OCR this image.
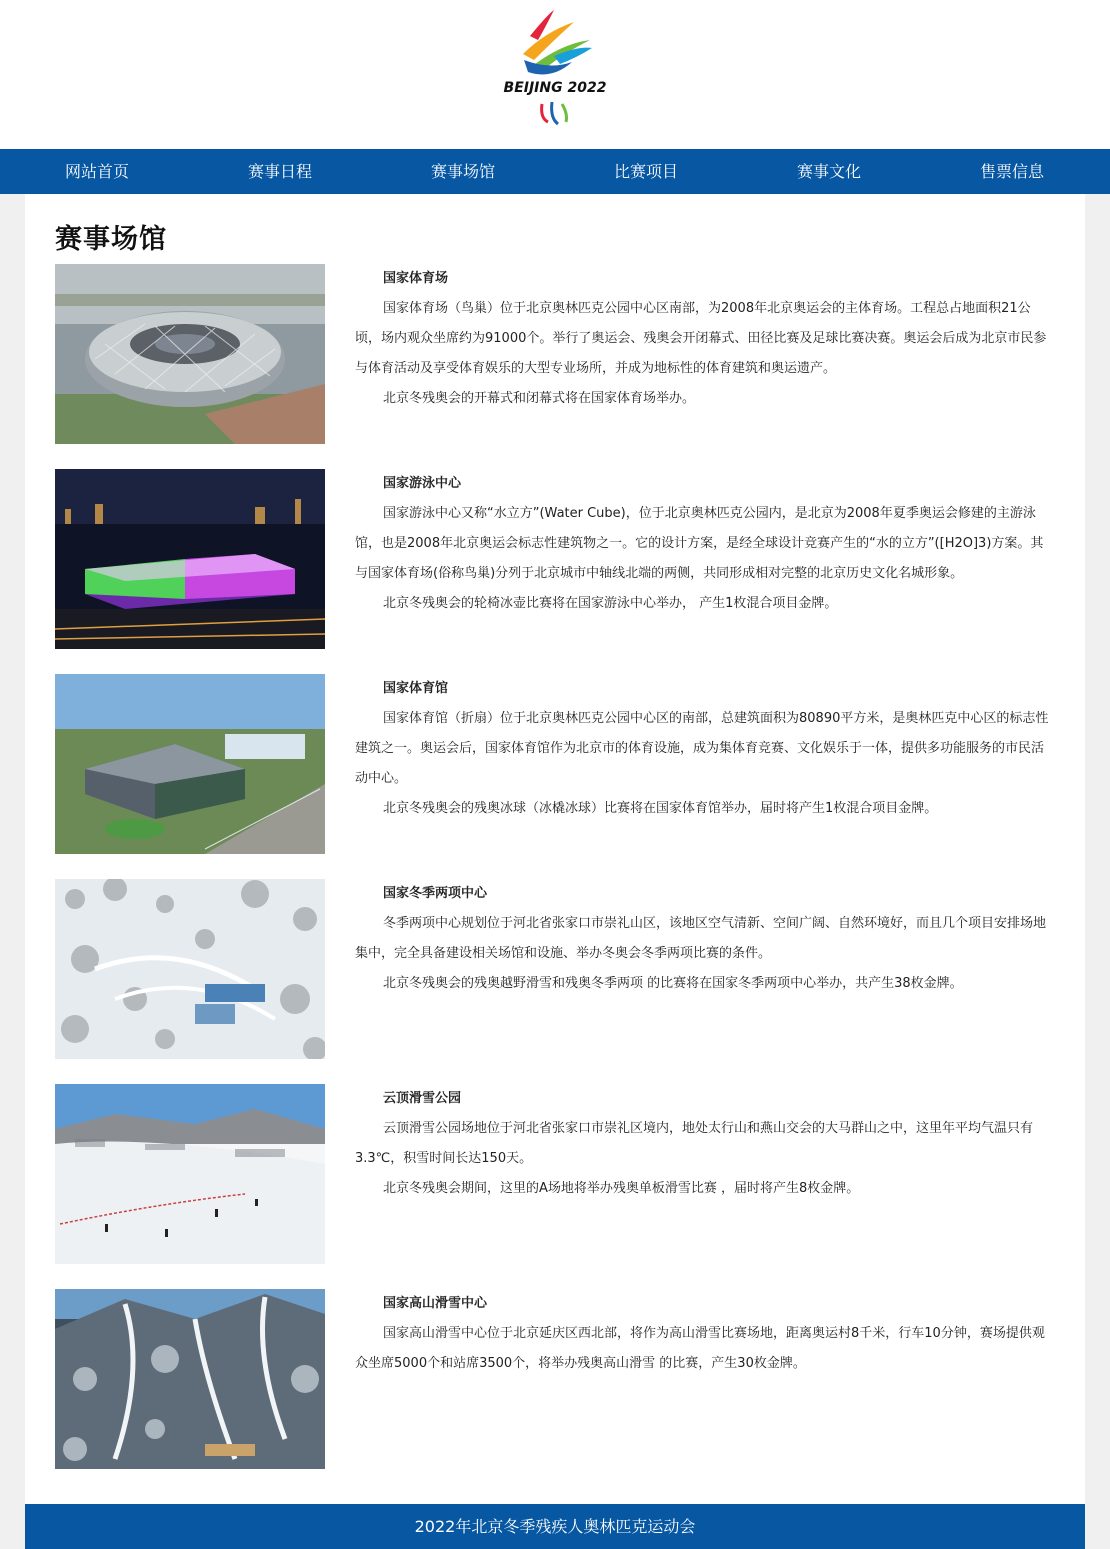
BEIJING 2022
网站首页	赛事日程	赛事场馆	比赛项目	赛事文化	售票信息
赛事场馆
国家体育场
国家体育场（鸟巢）位于北京奥林匹克公园中心区南部，为2008年北京奥运会的主体育场。工程总占地面积21公顷，场内观众坐席约为91000个。举行了奥运会、残奥会开闭幕式、田径比赛及足球比赛决赛。奥运会后成为北京市民参与体育活动及享受体育娱乐的大型专业场所，并成为地标性的体育建筑和奥运遗产。
北京冬残奥会的开幕式和闭幕式将在国家体育场举办。
国家游泳中心
国家游泳中心又称“水立方”(Water Cube)，位于北京奥林匹克公园内，是北京为2008年夏季奥运会修建的主游泳馆，也是2008年北京奥运会标志性建筑物之一。它的设计方案，是经全球设计竞赛产生的“水的立方”([H2O]3)方案。其与国家体育场(俗称鸟巢)分列于北京城市中轴线北端的两侧，共同形成相对完整的北京历史文化名城形象。
北京冬残奥会的轮椅冰壶比赛将在国家游泳中心举办， 产生1枚混合项目金牌。
国家体育馆
国家体育馆（折扇）位于北京奥林匹克公园中心区的南部，总建筑面积为80890平方米，是奥林匹克中心区的标志性建筑之一。奥运会后，国家体育馆作为北京市的体育设施，成为集体育竞赛、文化娱乐于一体，提供多功能服务的市民活动中心。
北京冬残奥会的残奥冰球（冰橇冰球）比赛将在国家体育馆举办，届时将产生1枚混合项目金牌。
国家冬季两项中心
冬季两项中心规划位于河北省张家口市崇礼山区，该地区空气清新、空间广阔、自然环境好，而且几个项目安排场地集中，完全具备建设相关场馆和设施、举办冬奥会冬季两项比赛的条件。
北京冬残奥会的残奥越野滑雪和残奥冬季两项 的比赛将在国家冬季两项中心举办，共产生38枚金牌。
云顶滑雪公园
云顶滑雪公园场地位于河北省张家口市崇礼区境内，地处太行山和燕山交会的大马群山之中，这里年平均气温只有3.3℃，积雪时间长达150天。
北京冬残奥会期间，这里的A场地将举办残奥单板滑雪比赛 ，届时将产生8枚金牌。
国家高山滑雪中心
国家高山滑雪中心位于北京延庆区西北部，将作为高山滑雪比赛场地，距离奥运村8千米，行车10分钟，赛场提供观众坐席5000个和站席3500个，将举办残奥高山滑雪 的比赛，产生30枚金牌。
2022年北京冬季残疾人奥林匹克运动会
